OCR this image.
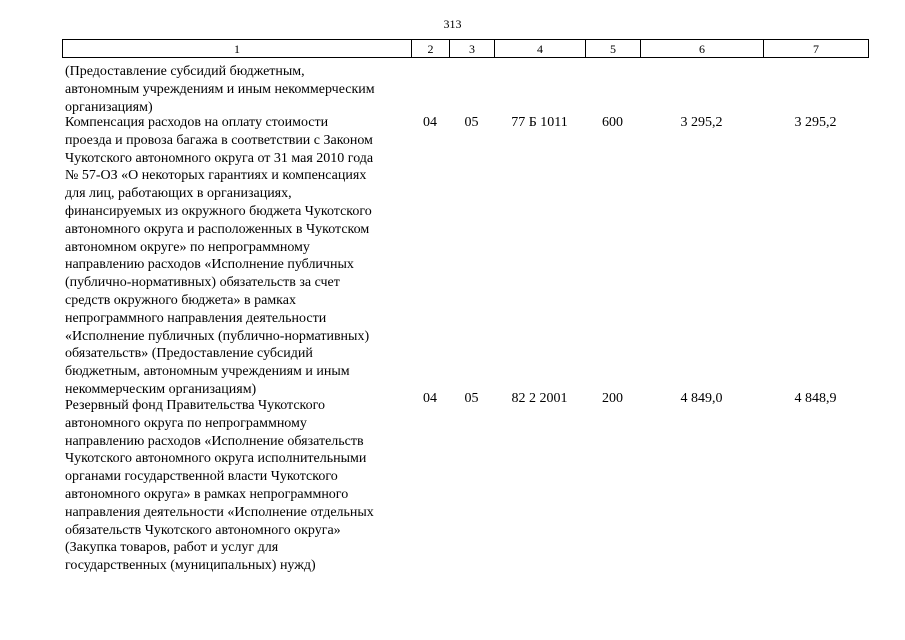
313
1	2	3	4	5	6	7
(Предоставление субсидий бюджетным,
автономным учреждениям и иным некоммерческим
организациям)
Компенсация расходов на оплату стоимости
проезда и провоза багажа в соответствии с Законом
Чукотского автономного округа от 31 мая 2010 года
№ 57-ОЗ «О некоторых гарантиях и компенсациях
для лиц, работающих в организациях,
финансируемых из окружного бюджета Чукотского
автономного округа и расположенных в Чукотском
автономном округе» по непрограммному
направлению расходов «Исполнение публичных
(публично-нормативных) обязательств за счет
средств окружного бюджета» в рамках
непрограммного направления деятельности
«Исполнение публичных (публично-нормативных)
обязательств» (Предоставление субсидий
бюджетным, автономным учреждениям и иным
некоммерческим организациям)
04	05	77 Б 1011	600	3 295,2	3 295,2
Резервный фонд Правительства Чукотского
автономного округа по непрограммному
направлению расходов «Исполнение обязательств
Чукотского автономного округа исполнительными
органами государственной власти Чукотского
автономного округа» в рамках непрограммного
направления деятельности «Исполнение отдельных
обязательств Чукотского автономного округа»
(Закупка товаров, работ и услуг для
государственных (муниципальных) нужд)
04	05	82 2 2001	200	4 849,0	4 848,9
